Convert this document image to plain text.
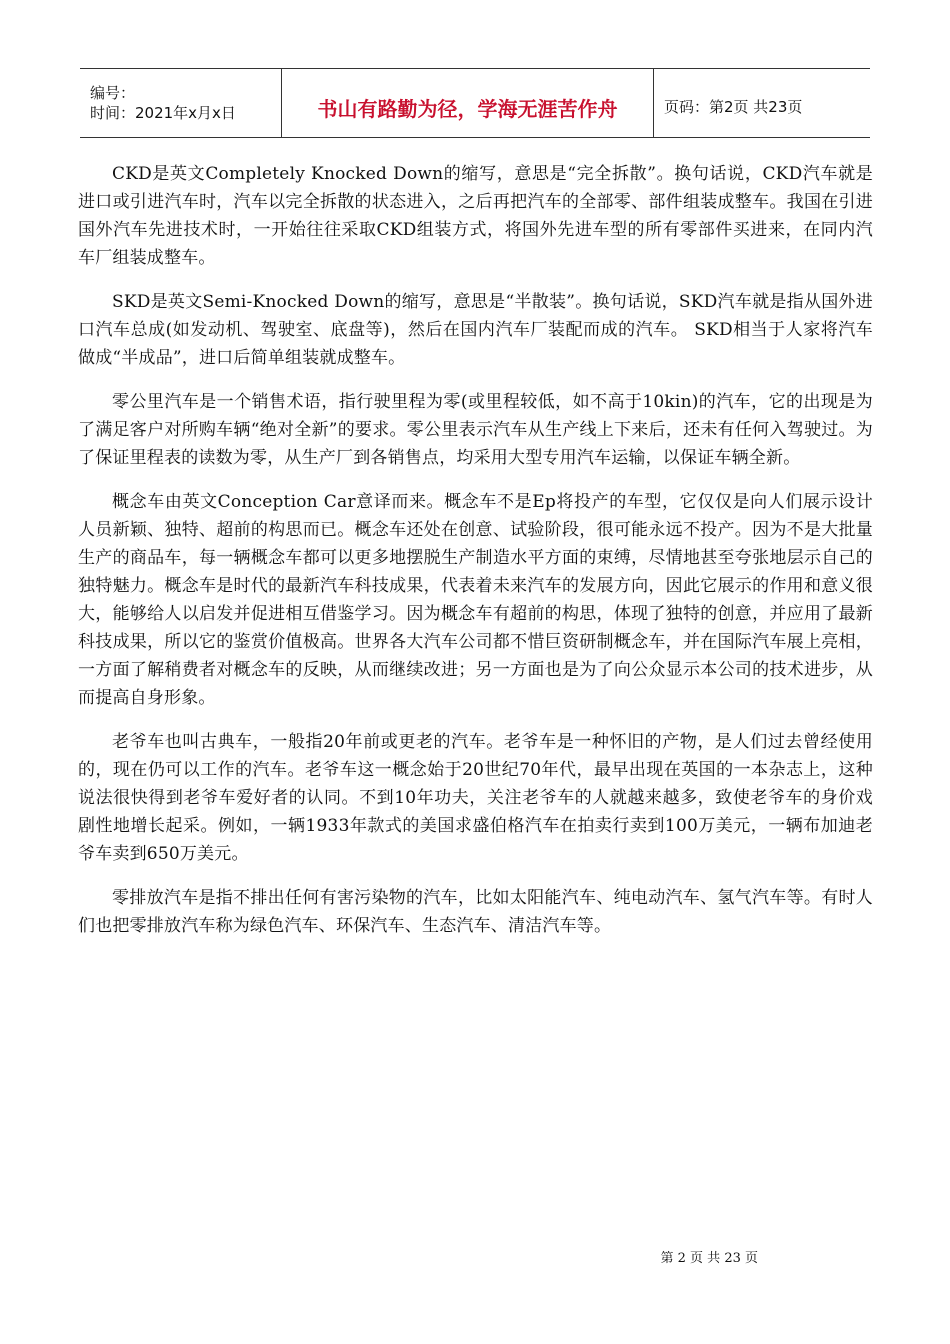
编号：
时间：2021年x月x日	书山有路勤为径，学海无涯苦作舟	页码：第2页 共23页

CKD是英文Completely Knocked Down的缩写，意思是“完全拆散”。换句话说，CKD汽车就是进口或引进汽车时，汽车以完全拆散的状态进入，之后再把汽车的全部零、部件组装成整车。我国在引进国外汽车先进技术时，一开始往往采取CKD组装方式，将国外先进车型的所有零部件买进来，在同内汽车厂组装成整车。

SKD是英文Semi-Knocked Down的缩写，意思是“半散装”。换句话说，SKD汽车就是指从国外进口汽车总成(如发动机、驾驶室、底盘等)，然后在国内汽车厂装配而成的汽车。 SKD相当于人家将汽车做成“半成品”，进口后简单组装就成整车。

零公里汽车是一个销售术语，指行驶里程为零(或里程较低，如不高于10kin)的汽车，它的出现是为了满足客户对所购车辆“绝对全新”的要求。零公里表示汽车从生产线上下来后，还未有任何入驾驶过。为了保证里程表的读数为零，从生产厂到各销售点，均采用大型专用汽车运输，以保证车辆全新。

概念车由英文Conception Car意译而来。概念车不是Ep将投产的车型，它仅仅是向人们展示设计人员新颖、独特、超前的构思而已。概念车还处在创意、试验阶段，很可能永远不投产。因为不是大批量生产的商品车，每一辆概念车都可以更多地摆脱生产制造水平方面的束缚，尽情地甚至夸张地层示自己的独特魅力。概念车是时代的最新汽车科技成果，代表着未来汽车的发展方向，因此它展示的作用和意义很大，能够给人以启发并促进相互借鉴学习。因为概念车有超前的构思，体现了独特的创意，并应用了最新科技成果，所以它的鉴赏价值极高。世界各大汽车公司都不惜巨资研制概念车，并在国际汽车展上亮相，一方面了解稍费者对概念车的反映，从而继续改进；另一方面也是为了向公众显示本公司的技术进步，从而提高自身形象。

老爷车也叫古典车，一般指20年前或更老的汽车。老爷车是一种怀旧的产物，是人们过去曾经使用的，现在仍可以工作的汽车。老爷车这一概念始于20世纪70年代，最早出现在英国的一本杂志上，这种说法很快得到老爷车爱好者的认同。不到10年功夫，关注老爷车的人就越来越多，致使老爷车的身价戏剧性地增长起采。例如，一辆1933年款式的美国求盛伯格汽车在拍卖行卖到100万美元，一辆布加迪老爷车卖到650万美元。

零排放汽车是指不排出任何有害污染物的汽车，比如太阳能汽车、纯电动汽车、氢气汽车等。有时人们也把零排放汽车称为绿色汽车、环保汽车、生态汽车、清洁汽车等。

第 2 页 共 23 页
